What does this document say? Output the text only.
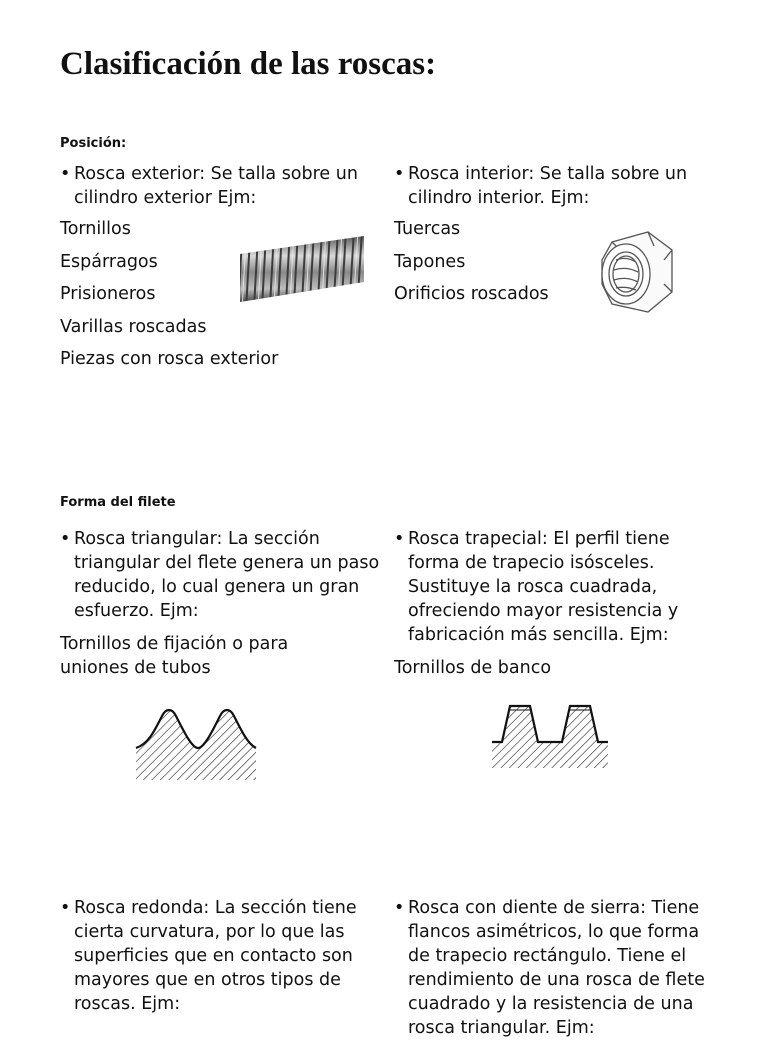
Clasificación de las roscas:
Posición:
• Rosca exterior: Se talla sobre un cilindro exterior Ejm:
Tornillos
Espárragos
Prisioneros
Varillas roscadas
Piezas con rosca exterior
• Rosca interior: Se talla sobre un cilindro interior. Ejm:
Tuercas
Tapones
Orificios roscados
Forma del filete
• Rosca triangular: La sección triangular del flete genera un paso reducido, lo cual genera un gran esfuerzo. Ejm:
Tornillos de fijación o para uniones de tubos
• Rosca trapecial: El perfil tiene forma de trapecio isósceles. Sustituye la rosca cuadrada, ofreciendo mayor resistencia y fabricación más sencilla. Ejm:
Tornillos de banco
• Rosca redonda: La sección tiene cierta curvatura, por lo que las superficies que en contacto son mayores que en otros tipos de roscas. Ejm:
• Rosca con diente de sierra: Tiene flancos asimétricos, lo que forma de trapecio rectángulo. Tiene el rendimiento de una rosca de flete cuadrado y la resistencia de una rosca triangular. Ejm:
